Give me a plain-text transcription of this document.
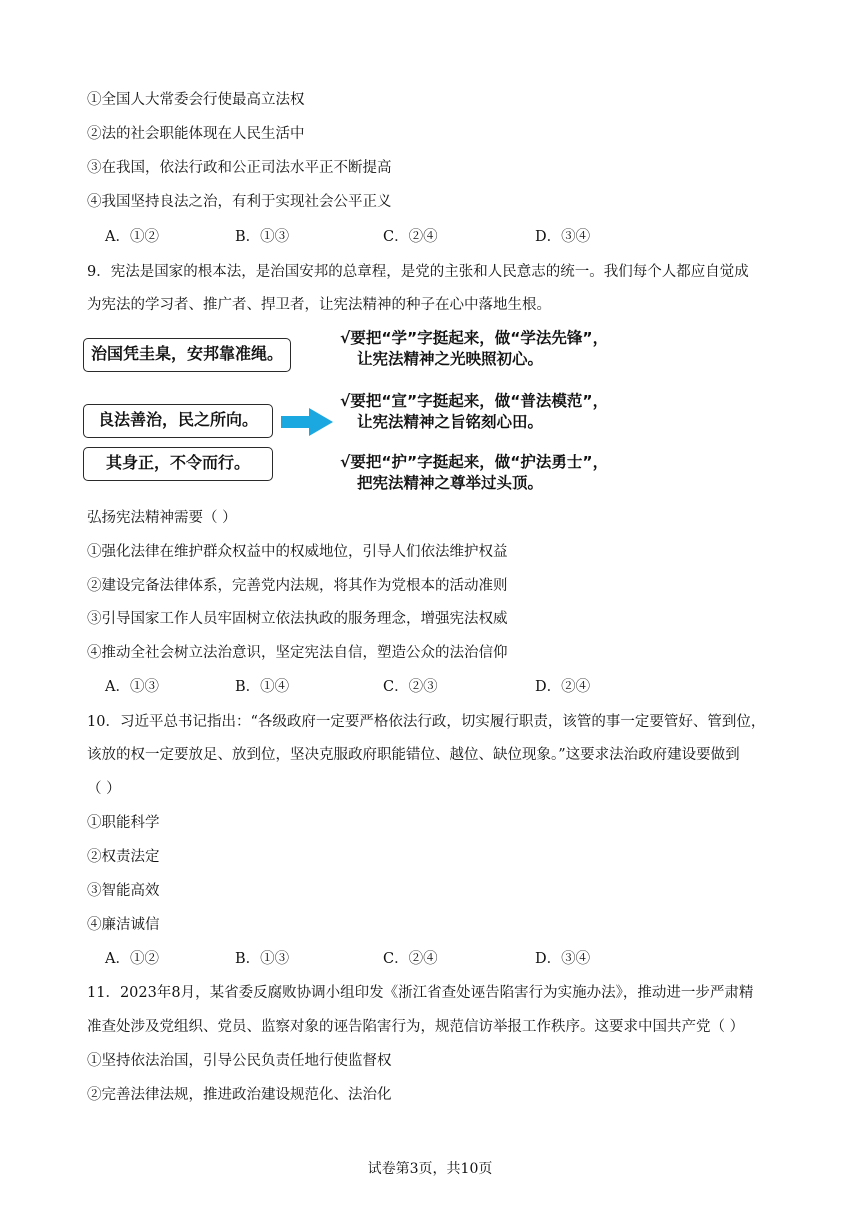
①全国人大常委会行使最高立法权
②法的社会职能体现在人民生活中
③在我国，依法行政和公正司法水平正不断提高
④我国坚持良法之治，有利于实现社会公平正义
A．①②	B．①③	C．②④	D．③④
9．宪法是国家的根本法，是治国安邦的总章程，是党的主张和人民意志的统一。我们每个人都应自觉成
为宪法的学习者、推广者、捍卫者，让宪法精神的种子在心中落地生根。
治国凭圭臬，安邦靠准绳。
良法善治，民之所向。
其身正，不令而行。
√要把“学”字挺起来，做“学法先锋”，
让宪法精神之光映照初心。
√要把“宣”字挺起来，做“普法模范”，
让宪法精神之旨铭刻心田。
√要把“护”字挺起来，做“护法勇士”，
把宪法精神之尊举过头顶。
弘扬宪法精神需要（ ）
①强化法律在维护群众权益中的权威地位，引导人们依法维护权益
②建设完备法律体系，完善党内法规，将其作为党根本的活动准则
③引导国家工作人员牢固树立依法执政的服务理念，增强宪法权威
④推动全社会树立法治意识，坚定宪法自信，塑造公众的法治信仰
A．①③	B．①④	C．②③	D．②④
10．习近平总书记指出：“各级政府一定要严格依法行政，切实履行职责，该管的事一定要管好、管到位，
该放的权一定要放足、放到位，坚决克服政府职能错位、越位、缺位现象。”这要求法治政府建设要做到
（ ）
①职能科学
②权责法定
③智能高效
④廉洁诚信
A．①②	B．①③	C．②④	D．③④
11．2023年8月，某省委反腐败协调小组印发《浙江省查处诬告陷害行为实施办法》，推动进一步严肃精
准查处涉及党组织、党员、监察对象的诬告陷害行为，规范信访举报工作秩序。这要求中国共产党（ ）
①坚持依法治国，引导公民负责任地行使监督权
②完善法律法规，推进政治建设规范化、法治化
试卷第3页，共10页
